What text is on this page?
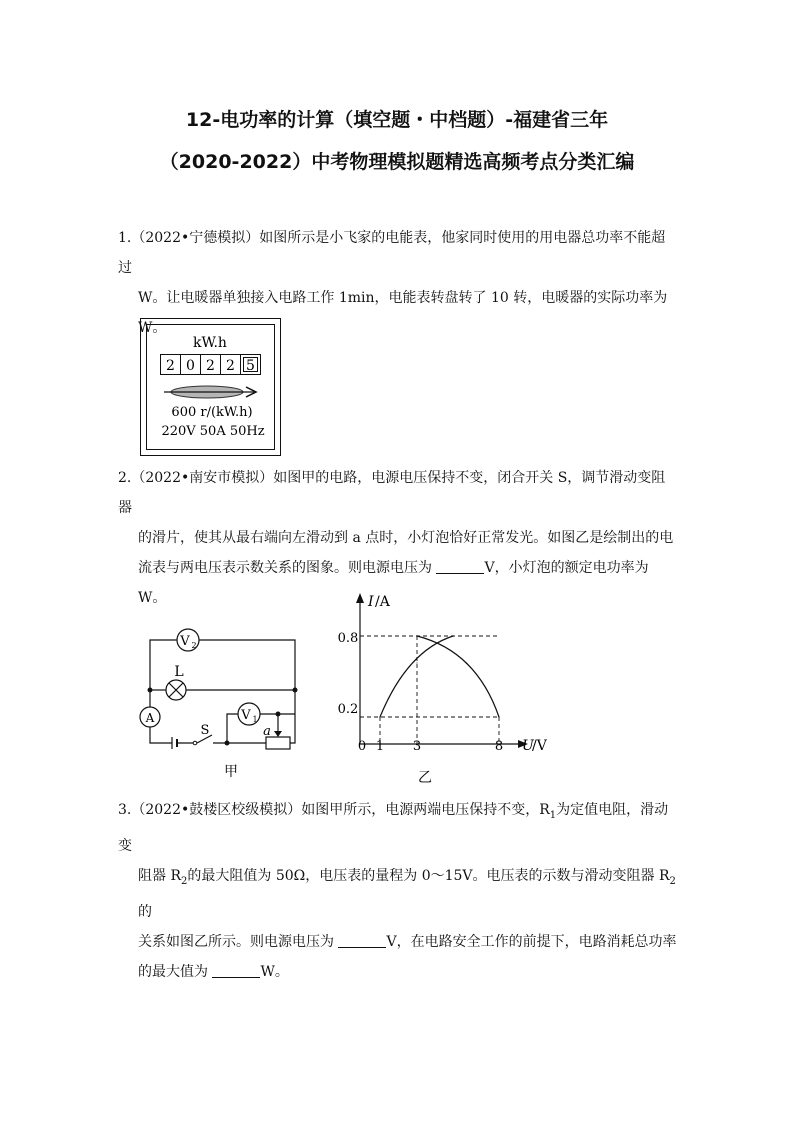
12-电功率的计算（填空题・中档题）-福建省三年
（2020-2022）中考物理模拟题精选高频考点分类汇编

1.（2022•宁德模拟）如图所示是小飞家的电能表，他家同时使用的用电器总功率不能超过

W。让电暖器单独接入电路工作 1min，电能表转盘转了 10 转，电暖器的实际功率为

W。

kW.h
2 0 2 2 5
600 r/(kW.h)
220V 50A 50Hz

2.（2022•南安市模拟）如图甲的电路，电源电压保持不变，闭合开关 S，调节滑动变阻器

的滑片，使其从最右端向左滑动到 a 点时，小灯泡恰好正常发光。如图乙是绘制出的电

流表与两电压表示数关系的图象。则电源电压为	V，小灯泡的额定电功率为

W。

V 2
L
A	V 1
S	a
甲
I /A
U
/V
0.8
0.2
0 1 3	8
乙

3.（2022•鼓楼区校级模拟）如图甲所示，电源两端电压保持不变，$R_1$为定值电阻，滑动变

阻器 $R_2$的最大阻值为 50Ω，电压表的量程为 0～15V。电压表的示数与滑动变阻器 $R_2$的

关系如图乙所示。则电源电压为	V，在电路安全工作的前提下，电路消耗总功率

的最大值为	W。
